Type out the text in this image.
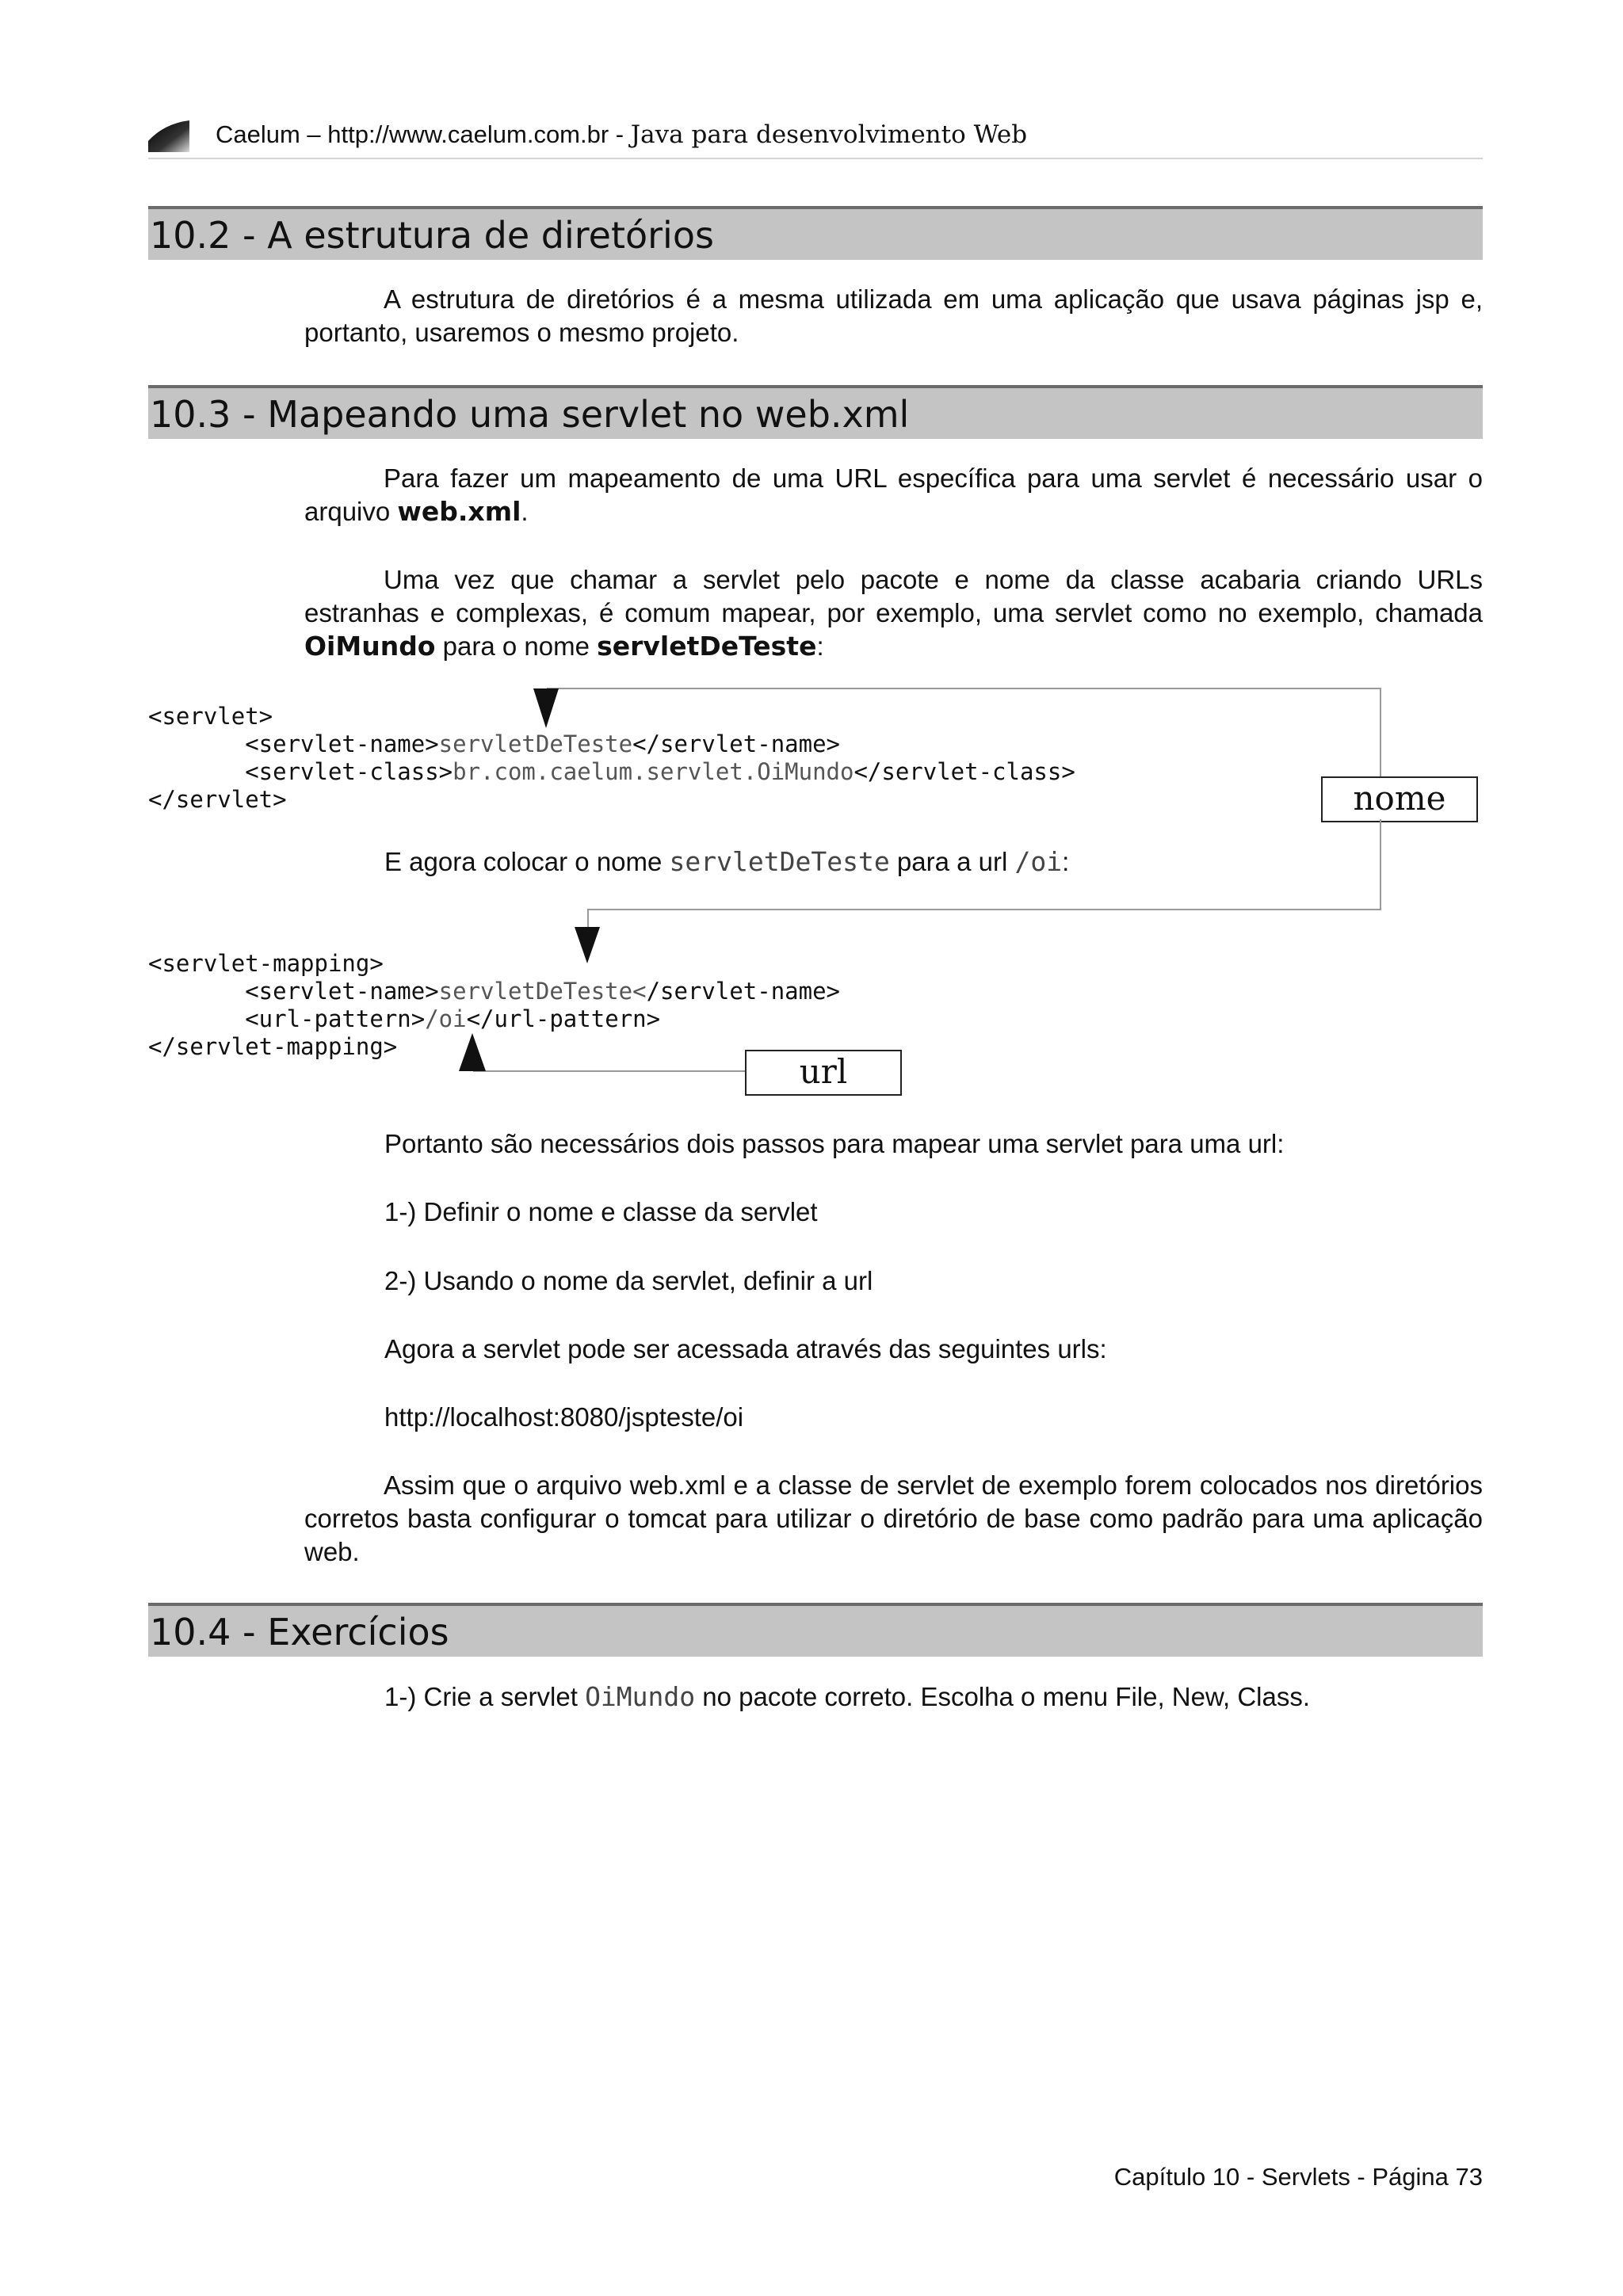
Caelum – http://www.caelum.com.br - Java para desenvolvimento Web
10.2 - A estrutura de diretórios

A estrutura de diretórios é a mesma utilizada em uma aplicação que usava páginas jsp e, portanto, usaremos o mesmo projeto.

10.3 - Mapeando uma servlet no web.xml

Para fazer um mapeamento de uma URL específica para uma servlet é necessário usar o arquivo web.xml.

Uma vez que chamar a servlet pelo pacote e nome da classe acabaria criando URLs estranhas e complexas, é comum mapear, por exemplo, uma servlet como no exemplo, chamada OiMundo para o nome servletDeTeste:

<servlet>
<servlet-name>servletDeTeste</servlet-name>
<servlet-class>br.com.caelum.servlet.OiMundo</servlet-class>
</servlet>	nome

E agora colocar o nome servletDeTeste para a url /oi:

<servlet-mapping>
<servlet-name>servletDeTeste</servlet-name>
<url-pattern>/oi</url-pattern>
</servlet-mapping>
url

Portanto são necessários dois passos para mapear uma servlet para uma url:

1-) Definir o nome e classe da servlet

2-) Usando o nome da servlet, definir a url

Agora a servlet pode ser acessada através das seguintes urls:

http://localhost:8080/jspteste/oi

Assim que o arquivo web.xml e a classe de servlet de exemplo forem colocados nos diretórios corretos basta configurar o tomcat para utilizar o diretório de base como padrão para uma aplicação web.

10.4 - Exercícios

1-) Crie a servlet OiMundo no pacote correto. Escolha o menu File, New, Class.

Capítulo 10 - Servlets - Página 73
